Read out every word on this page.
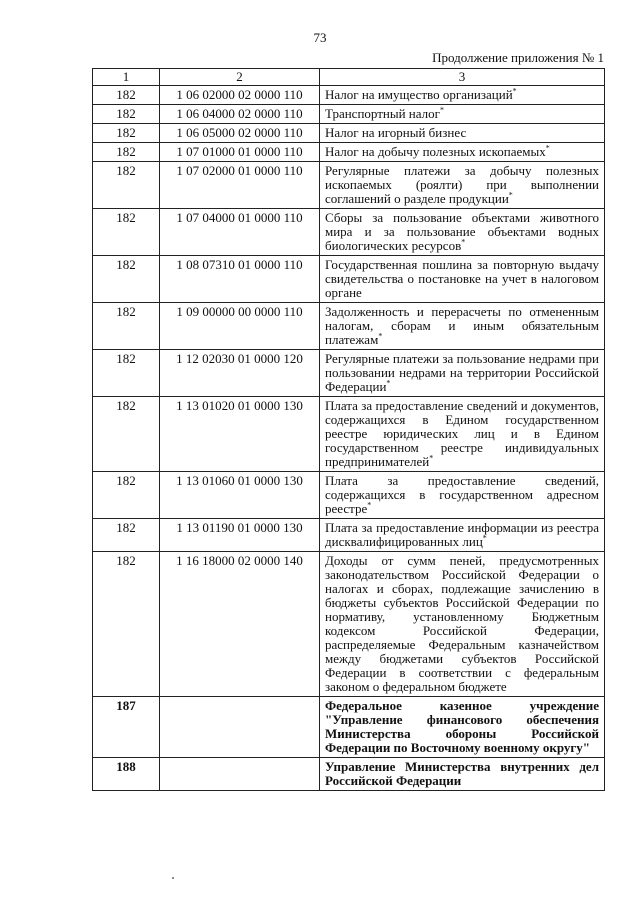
73
Продолжение приложения № 1
1	2	3
182	1 06 02000 02 0000 110	Налог на имущество организаций*
182	1 06 04000 02 0000 110	Транспортный налог*
182	1 06 05000 02 0000 110	Налог на игорный бизнес
182	1 07 01000 01 0000 110	Налог на добычу полезных ископаемых*
182	1 07 02000 01 0000 110	Регулярные платежи за добычу полезных ископаемых (роялти) при выполнении соглашений о разделе продукции*
182	1 07 04000 01 0000 110	Сборы за пользование объектами животного мира и за пользование объектами водных биологических ресурсов*
182	1 08 07310 01 0000 110	Государственная пошлина за повторную выдачу свидетельства о постановке на учет в налоговом органе
182	1 09 00000 00 0000 110	Задолженность и перерасчеты по отмененным налогам, сборам и иным обязательным платежам*
182	1 12 02030 01 0000 120	Регулярные платежи за пользование недрами при пользовании недрами на территории Российской Федерации*
182	1 13 01020 01 0000 130	Плата за предоставление сведений и документов, содержащихся в Едином государственном реестре юридических лиц и в Едином государственном реестре индивидуальных предпринимателей*
182	1 13 01060 01 0000 130	Плата за предоставление сведений, содержащихся в государственном адресном реестре*
182	1 13 01190 01 0000 130	Плата за предоставление информации из реестра дисквалифицированных лиц*
182	1 16 18000 02 0000 140	Доходы от сумм пеней, предусмотренных законодательством Российской Федерации о налогах и сборах, подлежащие зачислению в бюджеты субъектов Российской Федерации по нормативу, установленному Бюджетным кодексом Российской Федерации, распределяемые Федеральным казначейством между бюджетами субъектов Российской Федерации в соответствии с федеральным законом о федеральном бюджете
187		Федеральное казенное учреждение "Управление финансового обеспечения Министерства обороны Российской Федерации по Восточному военному округу"
188		Управление Министерства внутренних дел Российской Федерации
